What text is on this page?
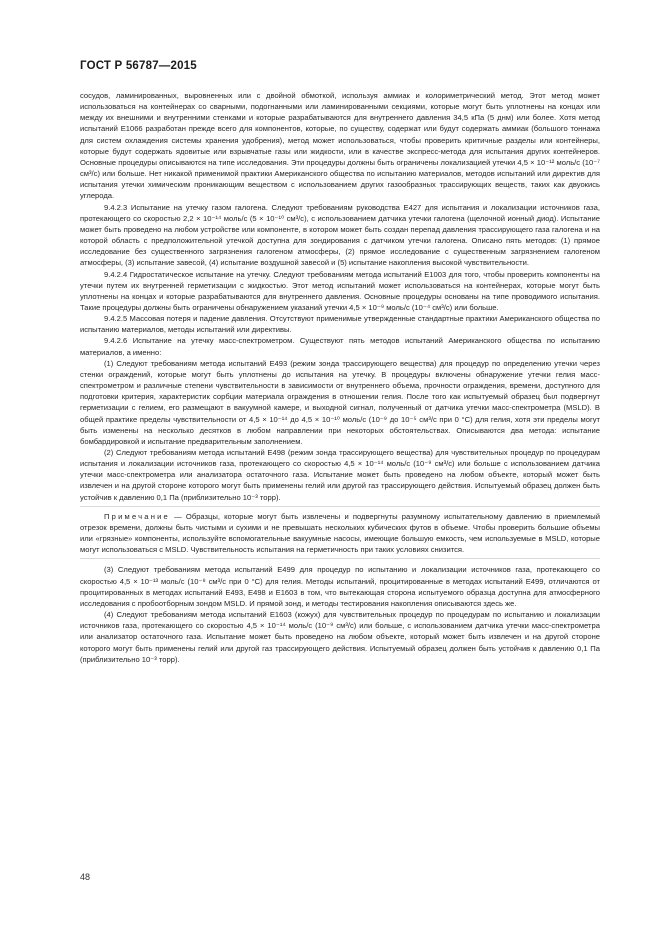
ГОСТ Р 56787—2015

сосудов, ламинированных, выровненных или с двойной обмоткой, используя аммиак и колориметрический метод. Этот метод может использоваться на контейнерах со сварными, подогнанными или ламинированными секциями, которые могут быть уплотнены на концах или между их внешними и внутренними стенками и которые разрабатываются для внутреннего давления 34,5 кПа (5 днм) или более. Хотя метод испытаний Е1066 разработан прежде всего для компонентов, которые, по существу, содержат или будут содержать аммиак (большого тоннажа для систем охлаждения системы хранения удобрения), метод может использоваться, чтобы проверить критичные разделы или контейнеры, которые будут содержать ядовитые или взрывчатые газы или жидкости, или в качестве экспресс-метода для испытания других контейнеров. Основные процедуры описываются на типе исследования. Эти процедуры должны быть ограничены локализацией утечки 4,5 × 10⁻¹² моль/с (10⁻⁷ см³/с) или больше. Нет никакой применимой практики Американского общества по испытанию материалов, методов испытаний или директив для испытания утечки химическим проникающим веществом с использованием других газообразных трассирующих веществ, таких как двуокись углерода.

9.4.2.3 Испытание на утечку газом галогена. Следуют требованиям руководства Е427 для испытания и локализации источников газа, протекающего со скоростью 2,2 × 10⁻¹⁴ моль/с (5 × 10⁻¹⁰ см³/с), с использованием датчика утечки галогена (щелочной ионный диод). Испытание может быть проведено на любом устройстве или компоненте, в котором может быть создан перепад давления трассирующего газа галогена и на которой область с предположительной утечкой доступна для зондирования с датчиком утечки галогена. Описано пять методов: (1) прямое исследование без существенного загрязнения галогеном атмосферы, (2) прямое исследование с существенным загрязнением галогеном атмосферы, (3) испытание завесой, (4) испытание воздушной завесой и (5) испытание накопления высокой чувствительности.

9.4.2.4 Гидростатическое испытание на утечку. Следуют требованиям метода испытаний Е1003 для того, чтобы проверить компоненты на утечки путем их внутренней герметизации с жидкостью. Этот метод испытаний может использоваться на контейнерах, которые могут быть уплотнены на концах и которые разрабатываются для внутреннего давления. Основные процедуры основаны на типе проводимого испытания. Такие процедуры должны быть ограничены обнаружением указаний утечки 4,5 × 10⁻⁹ моль/с (10⁻⁴ см³/с) или больше.

9.4.2.5 Массовая потеря и падение давления. Отсутствуют применимые утвержденные стандартные практики Американского общества по испытанию материалов, методы испытаний или директивы.

9.4.2.6 Испытание на утечку масс-спектрометром. Существуют пять методов испытаний Американского общества по испытанию материалов, а именно:

(1) Следуют требованиям метода испытаний Е493 (режим зонда трассирующего вещества) для процедур по определению утечки через стенки ограждений, которые могут быть уплотнены до испытания на утечку. В процедуры включены обнаружение утечки гелия масс-спектрометром и различные степени чувствительности в зависимости от внутреннего объема, прочности ограждения, времени, доступного для подготовки критерия, характеристик сорбции материала ограждения в отношении гелия. После того как испытуемый образец был подвергнут герметизации с гелием, его размещают в вакуумной камере, и выходной сигнал, полученный от датчика утечки масс-спектрометра (MSLD). В общей практике пределы чувствительности от 4,5 × 10⁻¹⁴ до 4,5 × 10⁻¹⁰ моль/с (10⁻⁹ до 10⁻⁵ см³/с при 0 °С) для гелия, хотя эти пределы могут быть изменены на несколько десятков в любом направлении при некоторых обстоятельствах. Описываются два метода: испытание бомбардировкой и испытание предварительным заполнением.

(2) Следуют требованиям метода испытаний Е498 (режим зонда трассирующего вещества) для чувствительных процедур по процедурам испытания и локализации источников газа, протекающего со скоростью 4,5 × 10⁻¹⁴ моль/с (10⁻⁹ см³/с) или больше с использованием датчика утечки масс-спектрометра или анализатора остаточного газа. Испытание может быть проведено на любом объекте, который может быть извлечен и на другой стороне которого могут быть применены гелий или другой газ трассирующего действия. Испытуемый образец должен быть устойчив к давлению 0,1 Па (приблизительно 10⁻³ торр).

Примечание — Образцы, которые могут быть извлечены и подвергнуты разумному испытательному давлению в приемлемый отрезок времени, должны быть чистыми и сухими и не превышать нескольких кубических футов в объеме. Чтобы проверить большие объемы или «грязные» компоненты, используйте вспомогательные вакуумные насосы, имеющие большую емкость, чем используемые в MSLD, которые могут использоваться с MSLD. Чувствительность испытания на герметичность при таких условиях снизится.

(3) Следуют требованиям метода испытаний Е499 для процедур по испытанию и локализации источников газа, протекающего со скоростью 4,5 × 10⁻¹³ моль/с (10⁻⁸ см³/с при 0 °С) для гелия. Методы испытаний, процитированные в методах испытаний Е499, отличаются от процитированных в методах испытаний Е493, Е498 и Е1603 в том, что вытекающая сторона испытуемого образца доступна для атмосферного исследования с пробоотборным зондом MSLD. И прямой зонд, и методы тестирования накопления описываются здесь же.

(4) Следуют требованиям метода испытаний Е1603 (кожух) для чувствительных процедур по процедурам по испытанию и локализации источников газа, протекающего со скоростью 4,5 × 10⁻¹⁴ моль/с (10⁻⁹ см³/с) или больше, с использованием датчика утечки масс-спектрометра или анализатор остаточного газа. Испытание может быть проведено на любом объекте, который может быть извлечен и на другой стороне которого могут быть применены гелий или другой газ трассирующего действия. Испытуемый образец должен быть устойчив к давлению 0,1 Па (приблизительно 10⁻³ торр).

48
